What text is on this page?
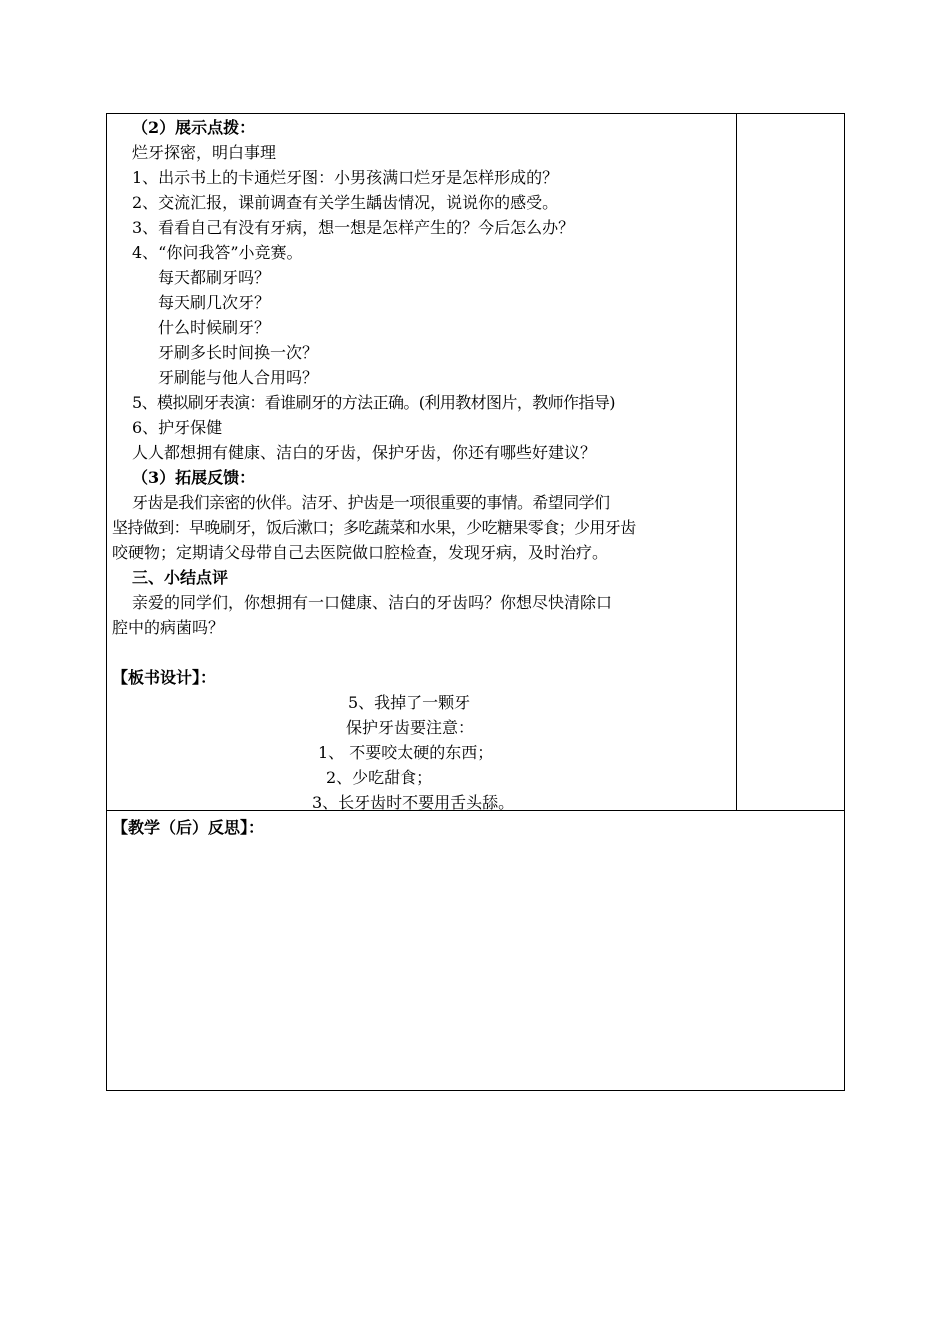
（2）展示点拨：
烂牙探密，明白事理
1、出示书上的卡通烂牙图：小男孩满口烂牙是怎样形成的？
2、交流汇报，课前调查有关学生龋齿情况，说说你的感受。
3、看看自己有没有牙病，想一想是怎样产生的？今后怎么办？
4、“你问我答”小竞赛。
每天都刷牙吗？
每天刷几次牙？
什么时候刷牙？
牙刷多长时间换一次？
牙刷能与他人合用吗？
5、模拟刷牙表演：看谁刷牙的方法正确。(利用教材图片，教师作指导)
6、护牙保健
人人都想拥有健康、洁白的牙齿，保护牙齿，你还有哪些好建议？
（3）拓展反馈：
牙齿是我们亲密的伙伴。洁牙、护齿是一项很重要的事情。希望同学们
坚持做到：早晚刷牙，饭后漱口；多吃蔬菜和水果，少吃糖果零食；少用牙齿
咬硬物；定期请父母带自己去医院做口腔检查，发现牙病，及时治疗。
三、小结点评
亲爱的同学们，你想拥有一口健康、洁白的牙齿吗？你想尽快清除口
腔中的病菌吗？
【板书设计】：
5、我掉了一颗牙
保护牙齿要注意：
1、 不要咬太硬的东西；
2、少吃甜食；
3、长牙齿时不要用舌头舔。
【教学（后）反思】：
